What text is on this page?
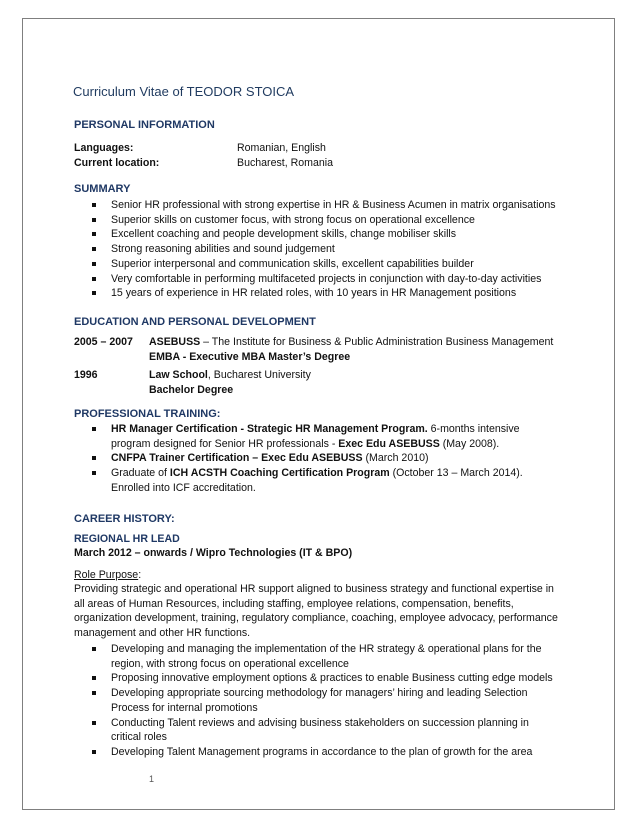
Curriculum Vitae of TEODOR STOICA
PERSONAL INFORMATION
Languages:	Romanian, English
Current location:	Bucharest, Romania
SUMMARY
Senior HR professional with strong expertise in HR & Business Acumen in matrix organisations
Superior skills on customer focus, with strong focus on operational excellence
Excellent coaching and people development skills, change mobiliser skills
Strong reasoning abilities and sound judgement
Superior interpersonal and communication skills, excellent capabilities builder
Very comfortable in performing multifaceted projects in conjunction with day-to-day activities
15 years of experience in HR related roles, with 10 years in HR Management positions
EDUCATION AND PERSONAL DEVELOPMENT
2005 – 2007 ASEBUSS – The Institute for Business & Public Administration Business Management
EMBA - Executive MBA Master’s Degree
1996	Law School, Bucharest University
Bachelor Degree
PROFESSIONAL TRAINING:
HR Manager Certification - Strategic HR Management Program. 6-months intensive program designed for Senior HR professionals - Exec Edu ASEBUSS (May 2008).
CNFPA Trainer Certification – Exec Edu ASEBUSS (March 2010)
Graduate of ICH ACSTH Coaching Certification Program (October 13 – March 2014). Enrolled into ICF accreditation.
CAREER HISTORY:
REGIONAL HR LEAD
March 2012 – onwards / Wipro Technologies (IT & BPO)
Role Purpose:
Providing strategic and operational HR support aligned to business strategy and functional expertise in all areas of Human Resources, including staffing, employee relations, compensation, benefits, organization development, training, regulatory compliance, coaching, employee advocacy, performance management and other HR functions.
Developing and managing the implementation of the HR strategy & operational plans for the region, with strong focus on operational excellence
Proposing innovative employment options & practices to enable Business cutting edge models
Developing appropriate sourcing methodology for managers’ hiring and leading Selection Process for internal promotions
Conducting Talent reviews and advising business stakeholders on succession planning in critical roles
Developing Talent Management programs in accordance to the plan of growth for the area
1
